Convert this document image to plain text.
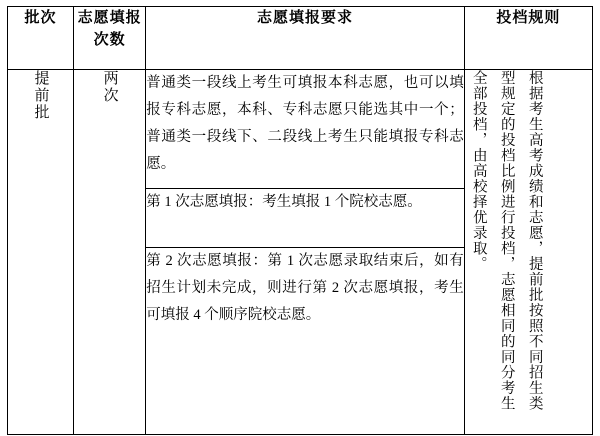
批次	志愿填报次数	志愿填报要求	投档规则
提前批	两次	普通类一段线上考生可填报本科志愿，也可以填报专科志愿，本科、专科志愿只能选其中一个；普通类一段线下、二段线上考生只能填报专科志愿。	根据考生高考成绩和志愿，提前批按照不同招生类型规定的投档比例进行投档，志愿相同的同分考生全部投档，由高校择优录取。

		第 1 次志愿填报：考生填报 1 个院校志愿。	

		第 2 次志愿填报：第 1 次志愿录取结束后，如有招生计划未完成，则进行第 2 次志愿填报，考生可填报 4 个顺序院校志愿。	
